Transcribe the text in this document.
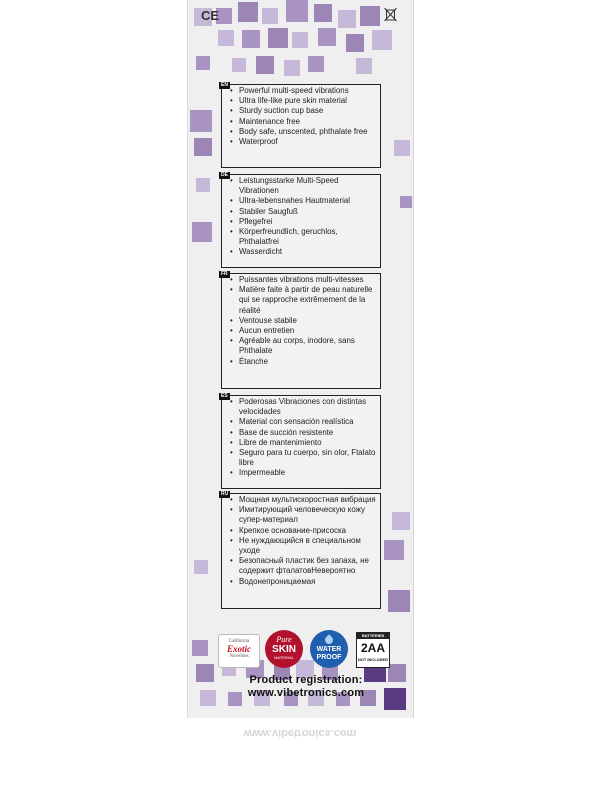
CE
EN
• Powerful multi-speed vibrations
• Ultra life-like pure skin material
• Sturdy suction cup base
• Maintenance free
• Body safe, unscented, phthalate free
• Waterproof
DE
• Leistungsstarke Multi-Speed Vibrationen
• Ultra-lebensnahes Hautmaterial
• Stabiler Saugfuß
• Pflegefrei
• Körperfreundlich, geruchlos, Phthalatfrei
• Wasserdicht
FR
• Puissantes vibrations multi-vitesses
• Matière faite à partir de peau naturelle qui se rapproche extrêmement de la réalité
• Ventouse stabile
• Aucun entretien
• Agréable au corps, inodore, sans Phthalate
• Étanche
ES
• Poderosas Vibraciones con distintas velocidades
• Material con sensación realística
• Base de succión resistente
• Libre de mantenimiento
• Seguro para tu cuerpo, sin olor, Ftalato libre
• Impermeable
RU
• Мощная мультискоростная вибрация
• Имитирующий человеческую кожу супер-материал
• Крепкое основание-присоска
• Не нуждающийся в специальном уходе
• Безопасный пластик без запаха, не содержит фталатовНевероятно
• Водонепроницаемая
California
Exotic
Novelties
Pure
SKIN
MATERIAL
WATER
PROOF
BATTERIES
2AA
NOT INCLUDED
Product registration:
www.vibetronics.com
www.vibetronics.com
